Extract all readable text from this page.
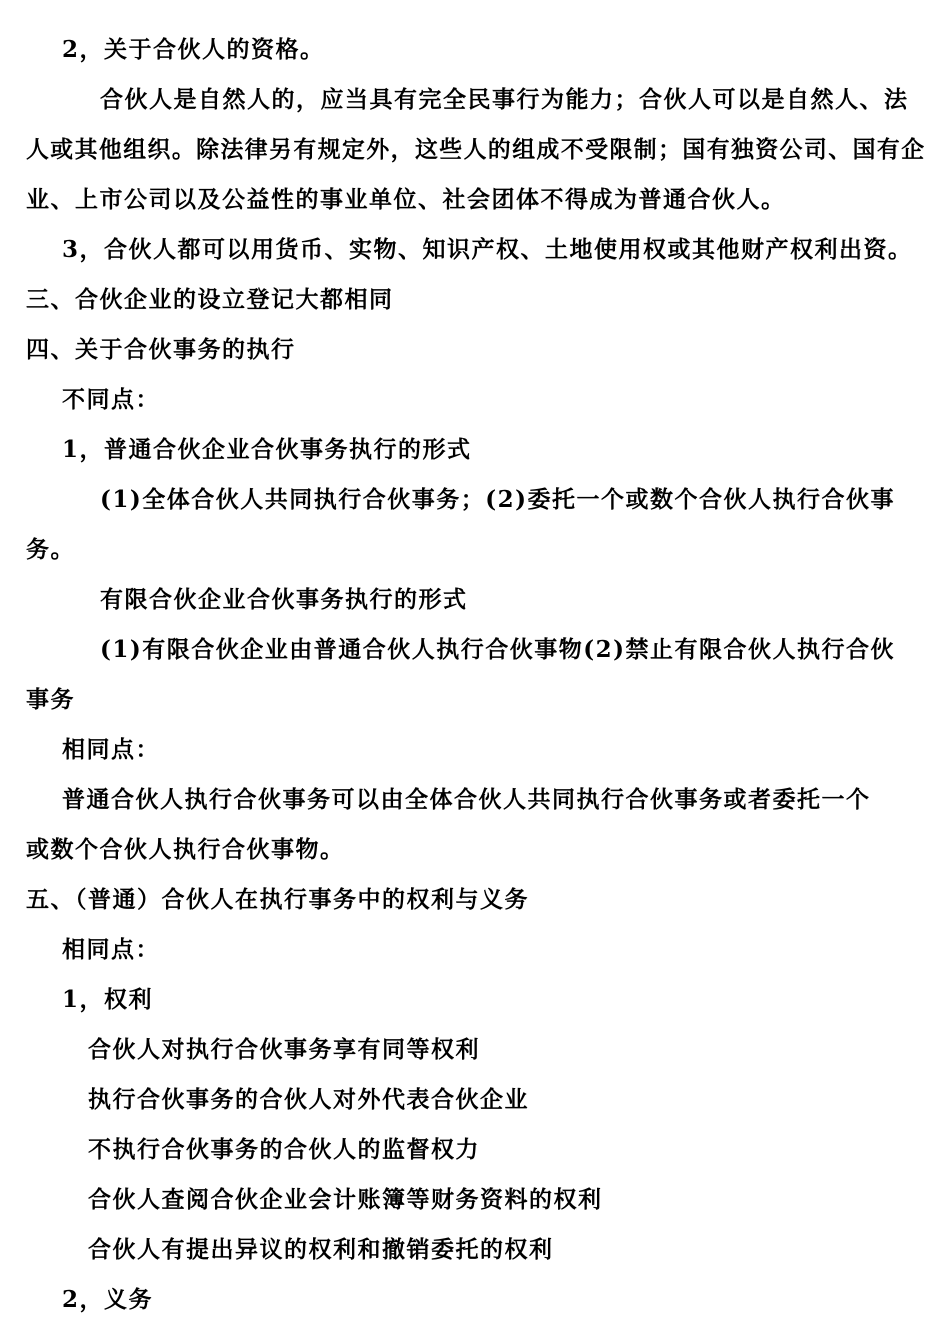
2，关于合伙人的资格。
合伙人是自然人的，应当具有完全民事行为能力；合伙人可以是自然人、法
人或其他组织。除法律另有规定外，这些人的组成不受限制；国有独资公司、国有企
业、上市公司以及公益性的事业单位、社会团体不得成为普通合伙人。
3，合伙人都可以用货币、实物、知识产权、土地使用权或其他财产权利出资。
三、合伙企业的设立登记大都相同
四、关于合伙事务的执行
不同点：
1，普通合伙企业合伙事务执行的形式
(1)全体合伙人共同执行合伙事务；(2)委托一个或数个合伙人执行合伙事
务。
有限合伙企业合伙事务执行的形式
(1)有限合伙企业由普通合伙人执行合伙事物(2)禁止有限合伙人执行合伙
事务
相同点：
普通合伙人执行合伙事务可以由全体合伙人共同执行合伙事务或者委托一个
或数个合伙人执行合伙事物。
五、（普通）合伙人在执行事务中的权利与义务
相同点：
1，权利
合伙人对执行合伙事务享有同等权利
执行合伙事务的合伙人对外代表合伙企业
不执行合伙事务的合伙人的监督权力
合伙人查阅合伙企业会计账簿等财务资料的权利
合伙人有提出异议的权利和撤销委托的权利
2，义务
